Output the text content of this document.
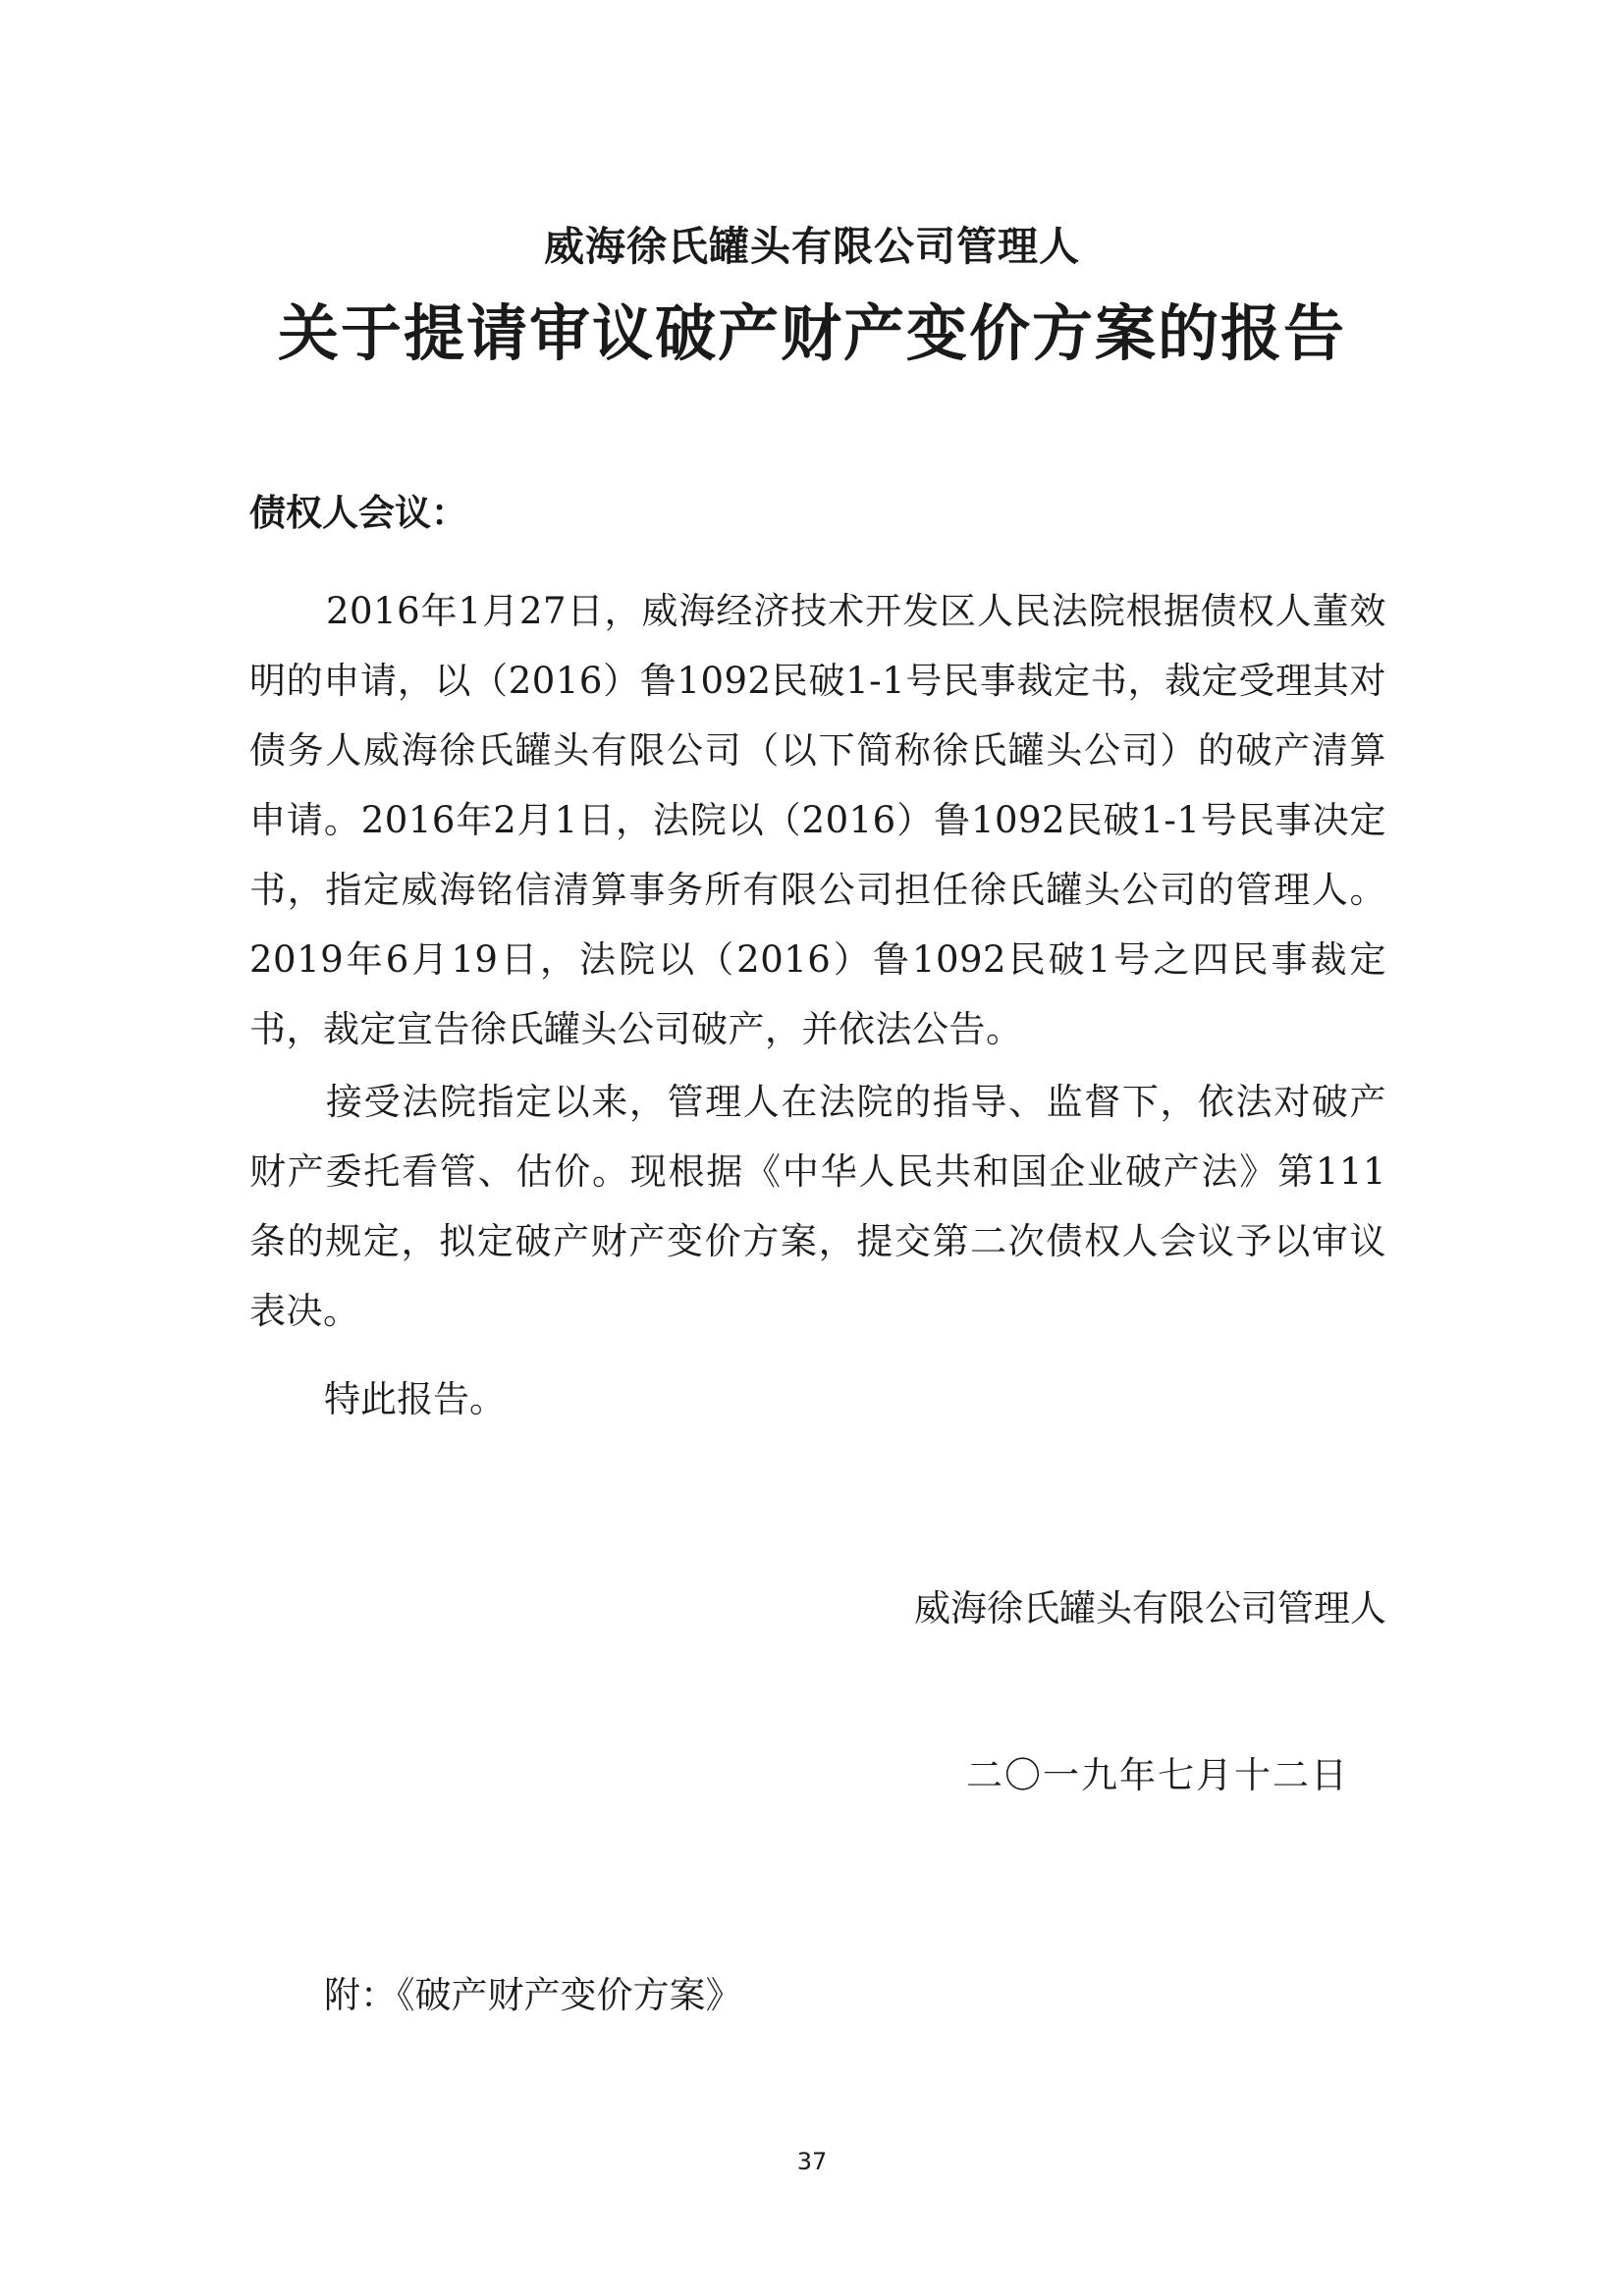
威海徐氏罐头有限公司管理人
关于提请审议破产财产变价方案的报告
债权人会议：

2016年1月27日，威海经济技术开发区人民法院根据债权人董效明的申请，以（2016）鲁1092民破1-1号民事裁定书，裁定受理其对债务人威海徐氏罐头有限公司（以下简称徐氏罐头公司）的破产清算申请。2016年2月1日，法院以（2016）鲁1092民破1-1号民事决定书，指定威海铭信清算事务所有限公司担任徐氏罐头公司的管理人。2019年6月19日，法院以（2016）鲁1092民破1号之四民事裁定书，裁定宣告徐氏罐头公司破产，并依法公告。

接受法院指定以来，管理人在法院的指导、监督下，依法对破产财产委托看管、估价。现根据《中华人民共和国企业破产法》第111条的规定，拟定破产财产变价方案，提交第二次债权人会议予以审议表决。

特此报告。
威海徐氏罐头有限公司管理人
二〇一九年七月十二日
附：《破产财产变价方案》
37
